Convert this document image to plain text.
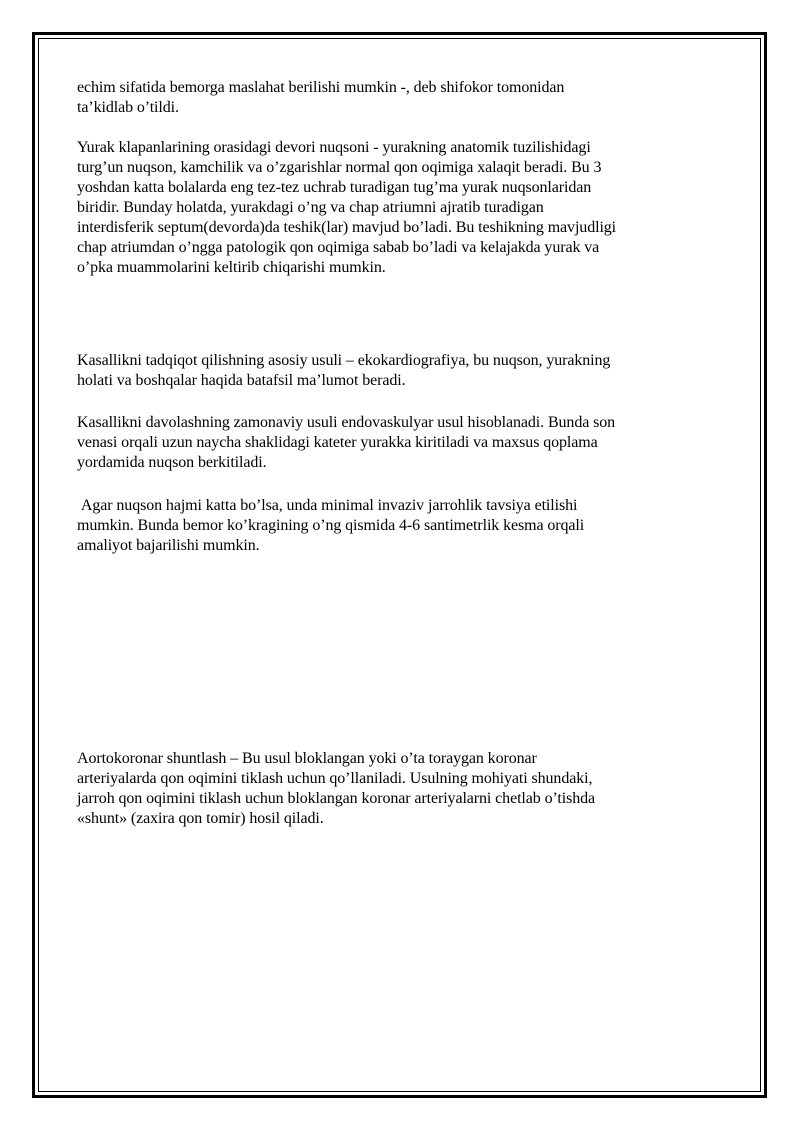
echim sifatida bemorga maslahat berilishi mumkin -, deb shifokor tomonidan
ta’kidlab o’tildi.

Yurak klapanlarining orasidagi devori nuqsoni - yurakning anatomik tuzilishidagi
turg’un nuqson, kamchilik va o’zgarishlar normal qon oqimiga xalaqit beradi. Bu 3
yoshdan katta bolalarda eng tez-tez uchrab turadigan tug’ma yurak nuqsonlaridan
biridir. Bunday holatda, yurakdagi o’ng va chap atriumni ajratib turadigan
interdisferik septum(devorda)da teshik(lar) mavjud bo’ladi. Bu teshikning mavjudligi
chap atriumdan o’ngga patologik qon oqimiga sabab bo’ladi va kelajakda yurak va
o’pka muammolarini keltirib chiqarishi mumkin.

Kasallikni tadqiqot qilishning asosiy usuli – ekokardiografiya, bu nuqson, yurakning
holati va boshqalar haqida batafsil ma’lumot beradi.

Kasallikni davolashning zamonaviy usuli endovaskulyar usul hisoblanadi. Bunda son
venasi orqali uzun naycha shaklidagi kateter yurakka kiritiladi va maxsus qoplama
yordamida nuqson berkitiladi.

Agar nuqson hajmi katta bo’lsa, unda minimal invaziv jarrohlik tavsiya etilishi
mumkin. Bunda bemor ko’kragining o’ng qismida 4-6 santimetrlik kesma orqali
amaliyot bajarilishi mumkin.

Aortokoronar shuntlash – Bu usul bloklangan yoki o’ta toraygan koronar
arteriyalarda qon oqimini tiklash uchun qo’llaniladi. Usulning mohiyati shundaki,
jarroh qon oqimini tiklash uchun bloklangan koronar arteriyalarni chetlab o’tishda
«shunt» (zaxira qon tomir) hosil qiladi.
